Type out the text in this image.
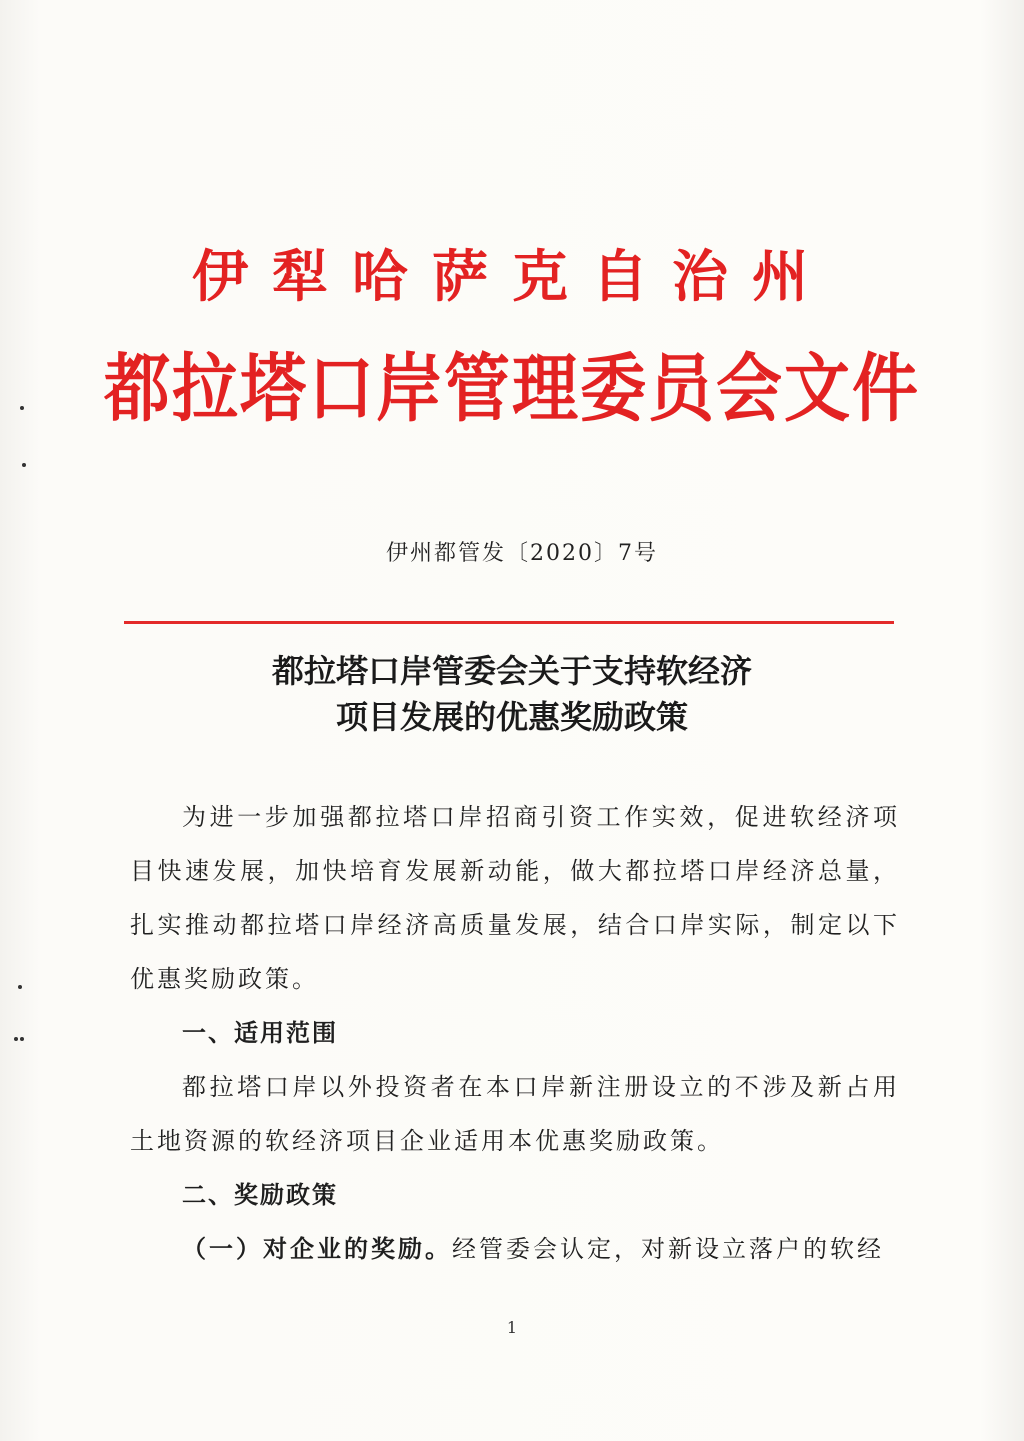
伊犁哈萨克自治州
都拉塔口岸管理委员会文件
伊州都管发〔2020〕7号
都拉塔口岸管委会关于支持软经济
项目发展的优惠奖励政策

为进一步加强都拉塔口岸招商引资工作实效，促进软经济项目快速发展，加快培育发展新动能，做大都拉塔口岸经济总量，扎实推动都拉塔口岸经济高质量发展，结合口岸实际，制定以下优惠奖励政策。

一、适用范围

都拉塔口岸以外投资者在本口岸新注册设立的不涉及新占用土地资源的软经济项目企业适用本优惠奖励政策。

二、奖励政策

（一）对企业的奖励。经管委会认定，对新设立落户的软经

1
